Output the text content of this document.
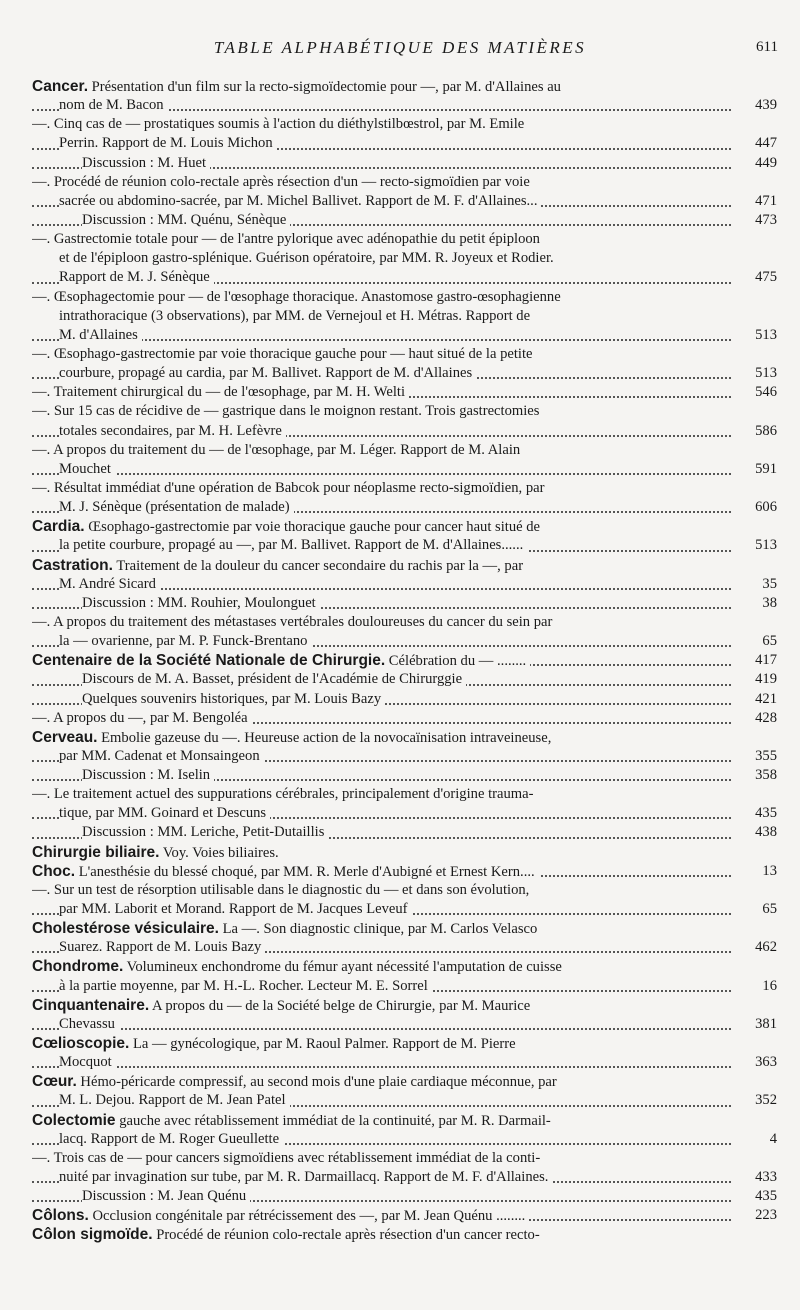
TABLE ALPHABÉTIQUE DES MATIÈRES	611
Cancer. Présentation d'un film sur la recto-sigmoïdectomie pour —, par M. d'Allaines au
nom de M. Bacon	439
—. Cinq cas de — prostatiques soumis à l'action du diéthylstilbœstrol, par M. Emile
Perrin. Rapport de M. Louis Michon	447
Discussion : M. Huet	449
—. Procédé de réunion colo-rectale après résection d'un — recto-sigmoïdien par voie
sacrée ou abdomino-sacrée, par M. Michel Ballivet. Rapport de M. F. d'Allaines...	471
Discussion : MM. Quénu, Sénèque	473
—. Gastrectomie totale pour — de l'antre pylorique avec adénopathie du petit épiploon
et de l'épiploon gastro-splénique. Guérison opératoire, par MM. R. Joyeux et Rodier.
Rapport de M. J. Sénèque	475
—. Œsophagectomie pour — de l'œsophage thoracique. Anastomose gastro-œsophagienne
intrathoracique (3 observations), par MM. de Vernejoul et H. Métras. Rapport de
M. d'Allaines	513
—. Œsophago-gastrectomie par voie thoracique gauche pour — haut situé de la petite
courbure, propagé au cardia, par M. Ballivet. Rapport de M. d'Allaines	513
—. Traitement chirurgical du — de l'œsophage, par M. H. Welti	546
—. Sur 15 cas de récidive de — gastrique dans le moignon restant. Trois gastrectomies
totales secondaires, par M. H. Lefèvre	586
—. A propos du traitement du — de l'œsophage, par M. Léger. Rapport de M. Alain
Mouchet	591
—. Résultat immédiat d'une opération de Babcok pour néoplasme recto-sigmoïdien, par
M. J. Sénèque (présentation de malade)	606
Cardia. Œsophago-gastrectomie par voie thoracique gauche pour cancer haut situé de
la petite courbure, propagé au —, par M. Ballivet. Rapport de M. d'Allaines......	513
Castration. Traitement de la douleur du cancer secondaire du rachis par la —, par
M. André Sicard	35
Discussion : MM. Rouhier, Moulonguet	38
—. A propos du traitement des métastases vertébrales douloureuses du cancer du sein par
la — ovarienne, par M. P. Funck-Brentano	65
Centenaire de la Société Nationale de Chirurgie. Célébration du — ........	417
Discours de M. A. Basset, président de l'Académie de Chirurggie	419
Quelques souvenirs historiques, par M. Louis Bazy	421
—. A propos du —, par M. Bengoléa	428
Cerveau. Embolie gazeuse du —. Heureuse action de la novocaïnisation intraveineuse,
par MM. Cadenat et Monsaingeon	355
Discussion : M. Iselin	358
—. Le traitement actuel des suppurations cérébrales, principalement d'origine trauma-
tique, par MM. Goinard et Descuns	435
Discussion : MM. Leriche, Petit-Dutaillis	438
Chirurgie biliaire. Voy. Voies biliaires.
Choc. L'anesthésie du blessé choqué, par MM. R. Merle d'Aubigné et Ernest Kern....	13
—. Sur un test de résorption utilisable dans le diagnostic du — et dans son évolution,
par MM. Laborit et Morand. Rapport de M. Jacques Leveuf	65
Cholestérose vésiculaire. La —. Son diagnostic clinique, par M. Carlos Velasco
Suarez. Rapport de M. Louis Bazy	462
Chondrome. Volumineux enchondrome du fémur ayant nécessité l'amputation de cuisse
à la partie moyenne, par M. H.-L. Rocher. Lecteur M. E. Sorrel	16
Cinquantenaire. A propos du — de la Société belge de Chirurgie, par M. Maurice
Chevassu	381
Cœlioscopie. La — gynécologique, par M. Raoul Palmer. Rapport de M. Pierre
Mocquot	363
Cœur. Hémo-péricarde compressif, au second mois d'une plaie cardiaque méconnue, par
M. L. Dejou. Rapport de M. Jean Patel	352
Colectomie gauche avec rétablissement immédiat de la continuité, par M. R. Darmail-
lacq. Rapport de M. Roger Gueullette	4
—. Trois cas de — pour cancers sigmoïdiens avec rétablissement immédiat de la conti-
nuité par invagination sur tube, par M. R. Darmaillacq. Rapport de M. F. d'Allaines.	433
Discussion : M. Jean Quénu	435
Côlons. Occlusion congénitale par rétrécissement des —, par M. Jean Quénu ........	223
Côlon sigmoïde. Procédé de réunion colo-rectale après résection d'un cancer recto-
